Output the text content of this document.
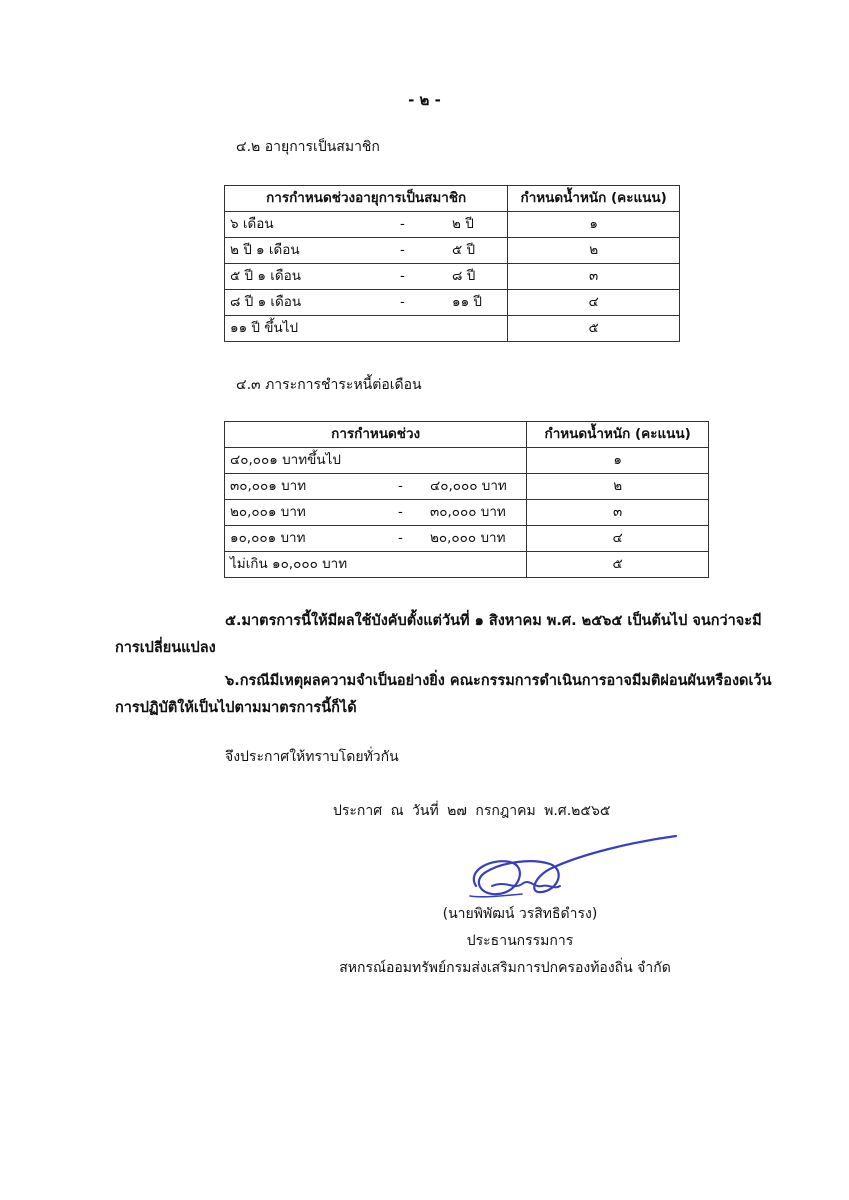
- ๒ -
๔.๒ อายุการเป็นสมาชิก
การกำหนดช่วงอายุการเป็นสมาชิก	กำหนดน้ำหนัก (คะแนน)

๖ เดือน - ๒ ปี	๑

๒ ปี ๑ เดือน - ๕ ปี	๒

๕ ปี ๑ เดือน - ๘ ปี	๓

๘ ปี ๑ เดือน - ๑๑ ปี	๔

๑๑ ปี ขึ้นไป	๕
๔.๓ ภาระการชำระหนี้ต่อเดือน
การกำหนดช่วง	กำหนดน้ำหนัก (คะแนน)

๔๐,๐๐๑ บาทขึ้นไป	๑

๓๐,๐๐๑ บาท - ๔๐,๐๐๐ บาท	๒

๒๐,๐๐๑ บาท - ๓๐,๐๐๐ บาท	๓

๑๐,๐๐๑ บาท - ๒๐,๐๐๐ บาท	๔

ไม่เกิน ๑๐,๐๐๐ บาท	๕
๕.มาตรการนี้ให้มีผลใช้บังคับตั้งแต่วันที่ ๑ สิงหาคม พ.ศ. ๒๕๖๕ เป็นต้นไป จนกว่าจะมีการเปลี่ยนแปลง
๖.กรณีมีเหตุผลความจำเป็นอย่างยิ่ง คณะกรรมการดำเนินการอาจมีมติผ่อนผันหรืองดเว้นการปฏิบัติให้เป็นไปตามมาตรการนี้ก็ได้
จึงประกาศให้ทราบโดยทั่วกัน
ประกาศ ณ วันที่ ๒๗ กรกฎาคม พ.ศ.๒๕๖๕
(นายพิพัฒน์ วรสิทธิดำรง)
ประธานกรรมการ
สหกรณ์ออมทรัพย์กรมส่งเสริมการปกครองท้องถิ่น จำกัด
